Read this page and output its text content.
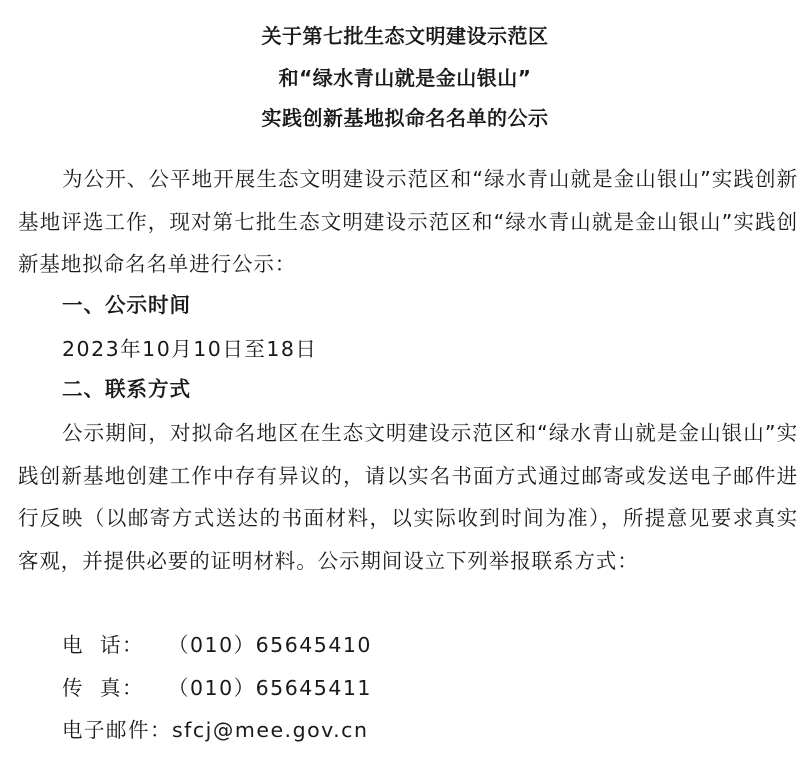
关于第七批生态文明建设示范区
和“绿水青山就是金山银山”
实践创新基地拟命名名单的公示
为公开、公平地开展生态文明建设示范区和“绿水青山就是金山银山”实践创新基地评选工作，现对第七批生态文明建设示范区和“绿水青山就是金山银山”实践创新基地拟命名名单进行公示：
一、公示时间
2023年10月10日至18日
二、联系方式
公示期间，对拟命名地区在生态文明建设示范区和“绿水青山就是金山银山”实践创新基地创建工作中存有异议的，请以实名书面方式通过邮寄或发送电子邮件进行反映（以邮寄方式送达的书面材料，以实际收到时间为准），所提意见要求真实客观，并提供必要的证明材料。公示期间设立下列举报联系方式：
电  话： （010）65645410
传  真： （010）65645411
电子邮件：sfcj@mee.gov.cn
